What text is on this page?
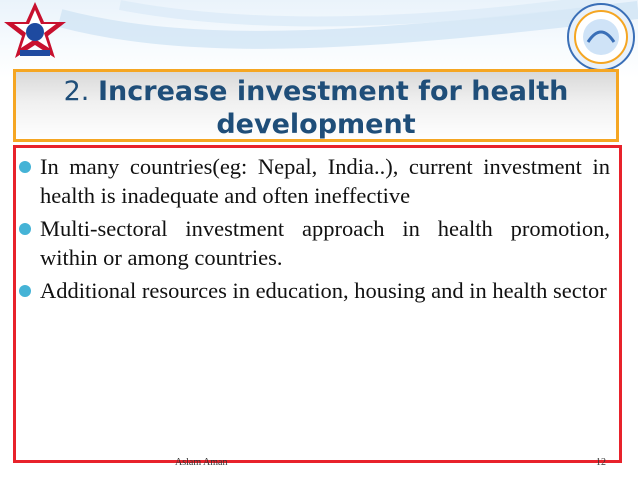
2. Increase investment for health
development
In many countries(eg: Nepal, India..), current investment in health is inadequate and often ineffective
Multi-sectoral investment approach in health promotion, within or among countries.
Additional resources in education, housing and in health sector
Aslam Aman	12
